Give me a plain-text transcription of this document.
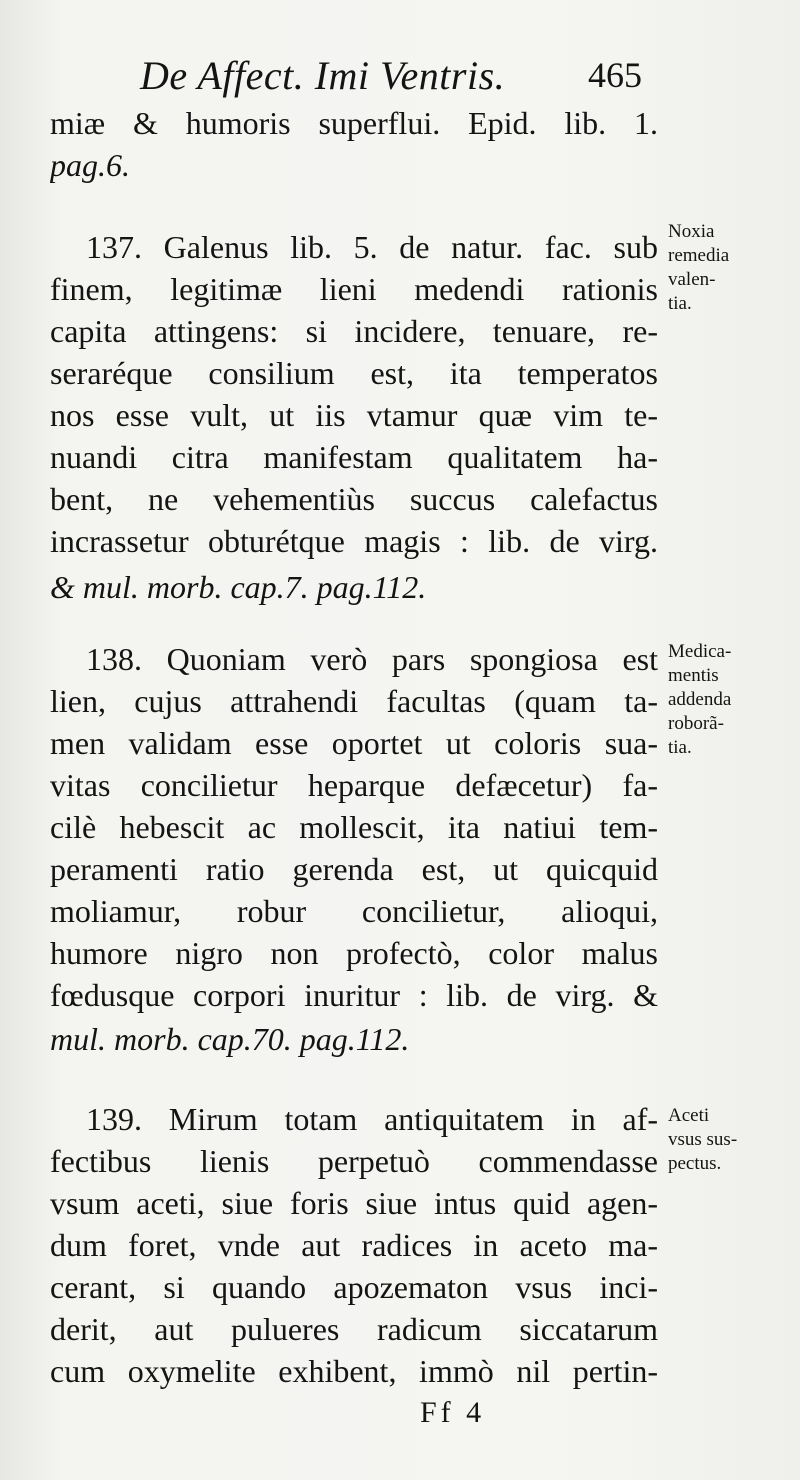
De Affect. Imi Ventris. 465
miæ & humoris superflui. Epid. lib. 1.
pag.6.
137. Galenus lib. 5. de natur. fac. sub
finem, legitimæ lieni medendi rationis
capita attingens: si incidere, tenuare, re-
seraréque consilium est, ita temperatos
nos esse vult, ut iis vtamur quæ vim te-
nuandi citra manifestam qualitatem ha-
bent, ne vehementiùs succus calefactus
incrassetur obturétque magis : lib. de virg.
& mul. morb. cap.7. pag.112.
138. Quoniam verò pars spongiosa est
lien, cujus attrahendi facultas (quam ta-
men validam esse oportet ut coloris sua-
vitas concilietur heparque defæcetur) fa-
cilè hebescit ac mollescit, ita natiui tem-
peramenti ratio gerenda est, ut quicquid
moliamur, robur concilietur, alioqui,
humore nigro non profectò, color malus
fœdusque corpori inuritur : lib. de virg. &
mul. morb. cap.70. pag.112.
139. Mirum totam antiquitatem in af-
fectibus lienis perpetuò commendasse
vsum aceti, siue foris siue intus quid agen-
dum foret, vnde aut radices in aceto ma-
cerant, si quando apozematon vsus inci-
derit, aut pulueres radicum siccatarum
cum oxymelite exhibent, immò nil pertin-
Noxia
remedia
valen-
tia.
Medica-
mentis
addenda
roborã-
tia.
Aceti
vsus sus-
pectus.
Ff 4
